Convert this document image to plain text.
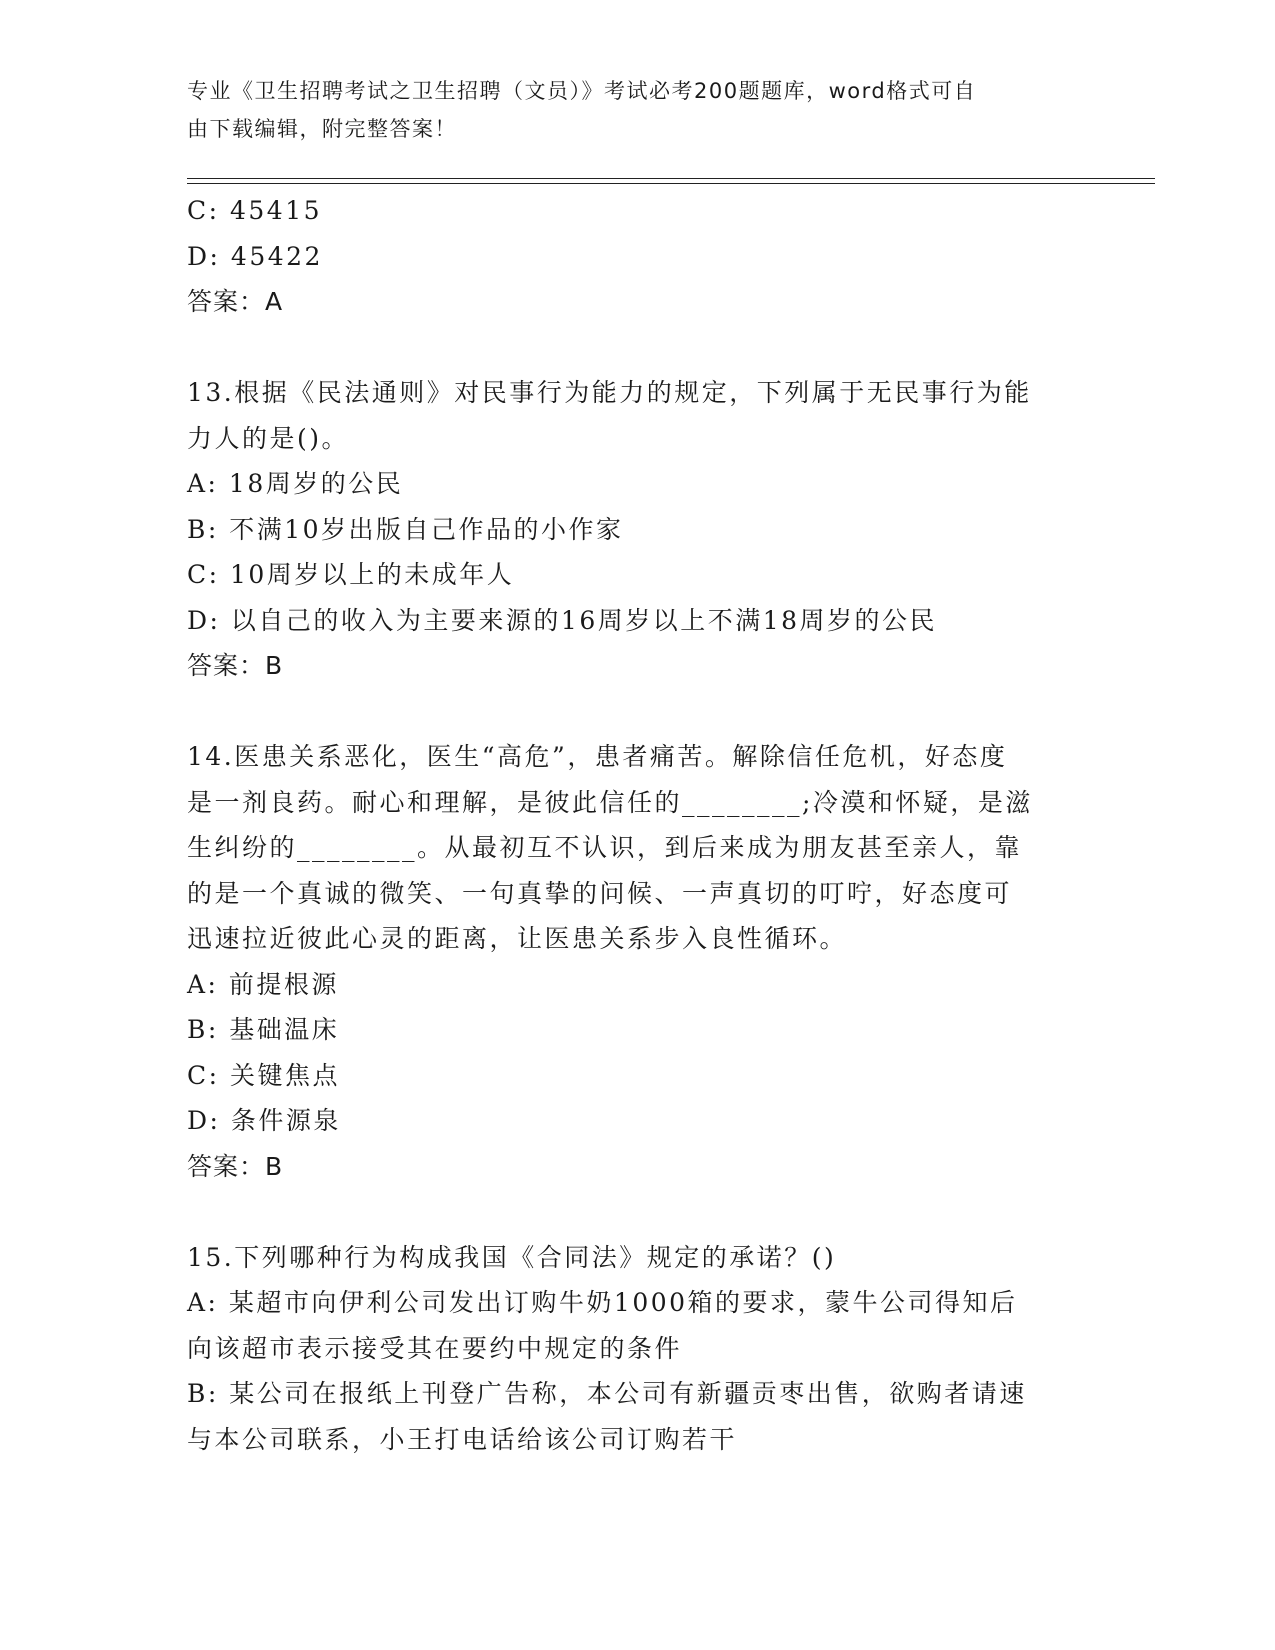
专业《卫生招聘考试之卫生招聘（文员）》考试必考200题题库，word格式可自
由下载编辑，附完整答案！
C: 45415
D: 45422
答案：A
13.根据《民法通则》对民事行为能力的规定，下列属于无民事行为能
力人的是()。
A: 18周岁的公民
B: 不满10岁出版自己作品的小作家
C: 10周岁以上的未成年人
D: 以自己的收入为主要来源的16周岁以上不满18周岁的公民
答案：B
14.医患关系恶化，医生“高危”，患者痛苦。解除信任危机，好态度
是一剂良药。耐心和理解，是彼此信任的________;冷漠和怀疑，是滋
生纠纷的________。从最初互不认识，到后来成为朋友甚至亲人，靠
的是一个真诚的微笑、一句真挚的问候、一声真切的叮咛，好态度可
迅速拉近彼此心灵的距离，让医患关系步入良性循环。
A: 前提根源
B: 基础温床
C: 关键焦点
D: 条件源泉
答案：B
15.下列哪种行为构成我国《合同法》规定的承诺？()
A: 某超市向伊利公司发出订购牛奶1000箱的要求，蒙牛公司得知后
向该超市表示接受其在要约中规定的条件
B: 某公司在报纸上刊登广告称，本公司有新疆贡枣出售，欲购者请速
与本公司联系，小王打电话给该公司订购若干
